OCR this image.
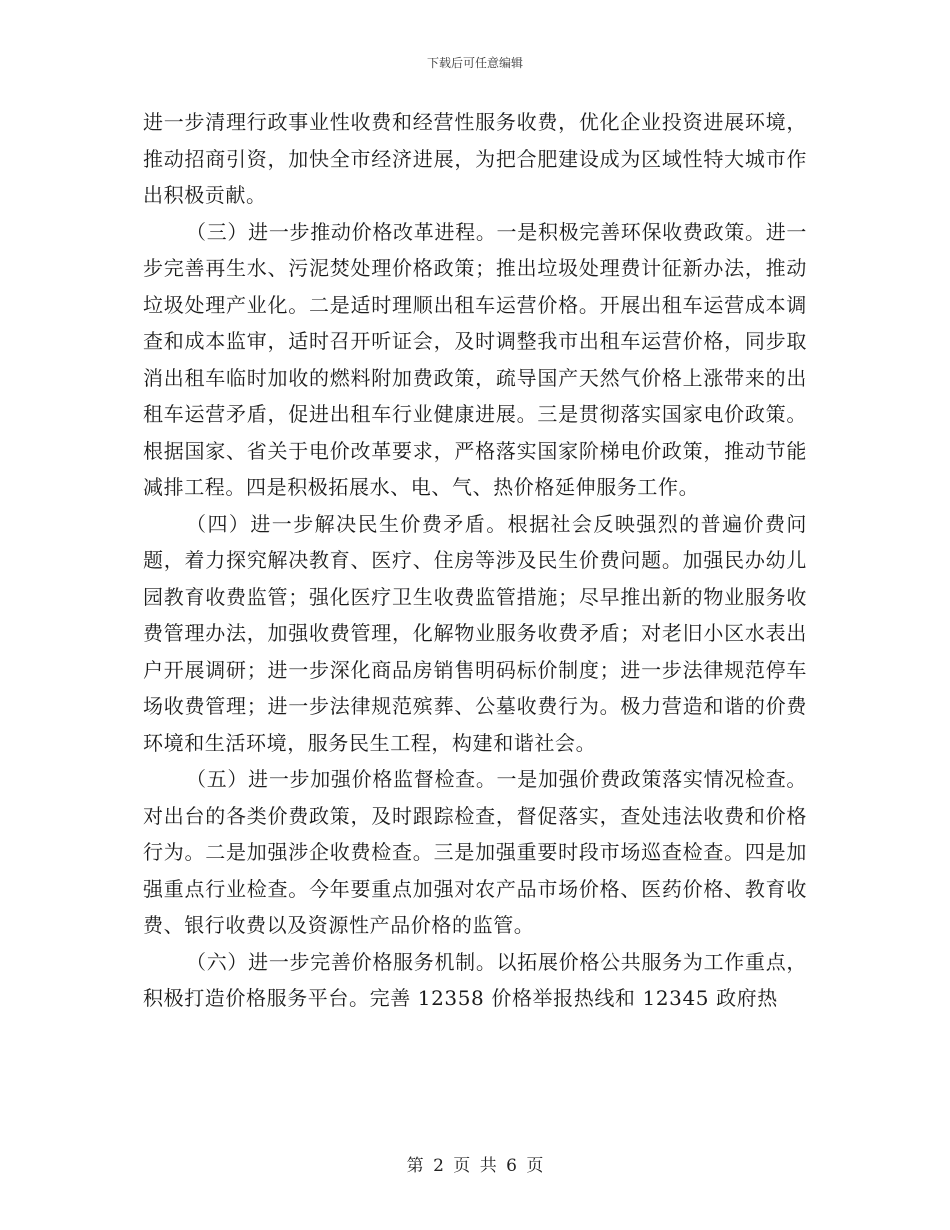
下载后可任意编辑

进一步清理行政事业性收费和经营性服务收费，优化企业投资进展环境，推动招商引资，加快全市经济进展，为把合肥建设成为区域性特大城市作出积极贡献。

（三）进一步推动价格改革进程。一是积极完善环保收费政策。进一步完善再生水、污泥焚处理价格政策；推出垃圾处理费计征新办法，推动垃圾处理产业化。二是适时理顺出租车运营价格。开展出租车运营成本调查和成本监审，适时召开听证会，及时调整我市出租车运营价格，同步取消出租车临时加收的燃料附加费政策，疏导国产天然气价格上涨带来的出租车运营矛盾，促进出租车行业健康进展。三是贯彻落实国家电价政策。根据国家、省关于电价改革要求，严格落实国家阶梯电价政策，推动节能减排工程。四是积极拓展水、电、气、热价格延伸服务工作。

（四）进一步解决民生价费矛盾。根据社会反映强烈的普遍价费问题，着力探究解决教育、医疗、住房等涉及民生价费问题。加强民办幼儿园教育收费监管；强化医疗卫生收费监管措施；尽早推出新的物业服务收费管理办法，加强收费管理，化解物业服务收费矛盾；对老旧小区水表出户开展调研；进一步深化商品房销售明码标价制度；进一步法律规范停车场收费管理；进一步法律规范殡葬、公墓收费行为。极力营造和谐的价费环境和生活环境，服务民生工程，构建和谐社会。

（五）进一步加强价格监督检查。一是加强价费政策落实情况检查。对出台的各类价费政策，及时跟踪检查，督促落实，查处违法收费和价格行为。二是加强涉企收费检查。三是加强重要时段市场巡查检查。四是加强重点行业检查。今年要重点加强对农产品市场价格、医药价格、教育收费、银行收费以及资源性产品价格的监管。

（六）进一步完善价格服务机制。以拓展价格公共服务为工作重点，积极打造价格服务平台。完善 12358 价格举报热线和 12345 政府热

第 2 页 共 6 页
